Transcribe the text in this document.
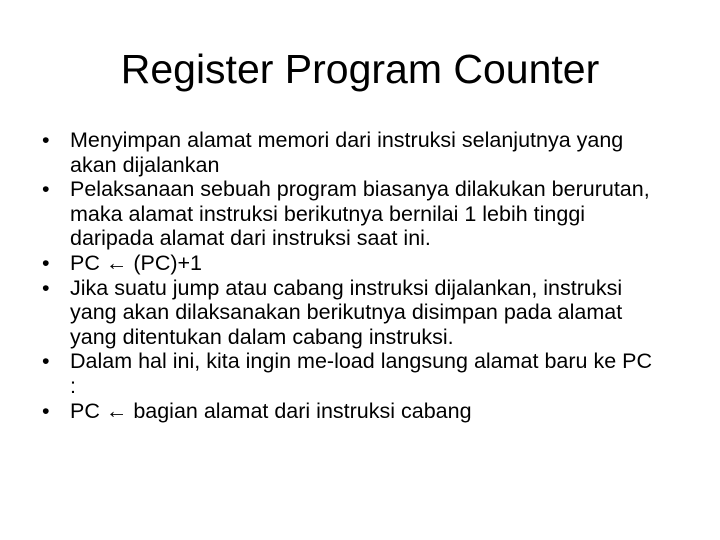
Register Program Counter
• Menyimpan alamat memori dari instruksi selanjutnya yang akan dijalankan
• Pelaksanaan sebuah program biasanya dilakukan berurutan, maka alamat instruksi berikutnya bernilai 1 lebih tinggi daripada alamat dari instruksi saat ini.
• PC ← (PC)+1
• Jika suatu jump atau cabang instruksi dijalankan, instruksi yang akan dilaksanakan berikutnya disimpan pada alamat yang ditentukan dalam cabang instruksi.
• Dalam hal ini, kita ingin me-load langsung alamat baru ke PC :
• PC ← bagian alamat dari instruksi cabang
